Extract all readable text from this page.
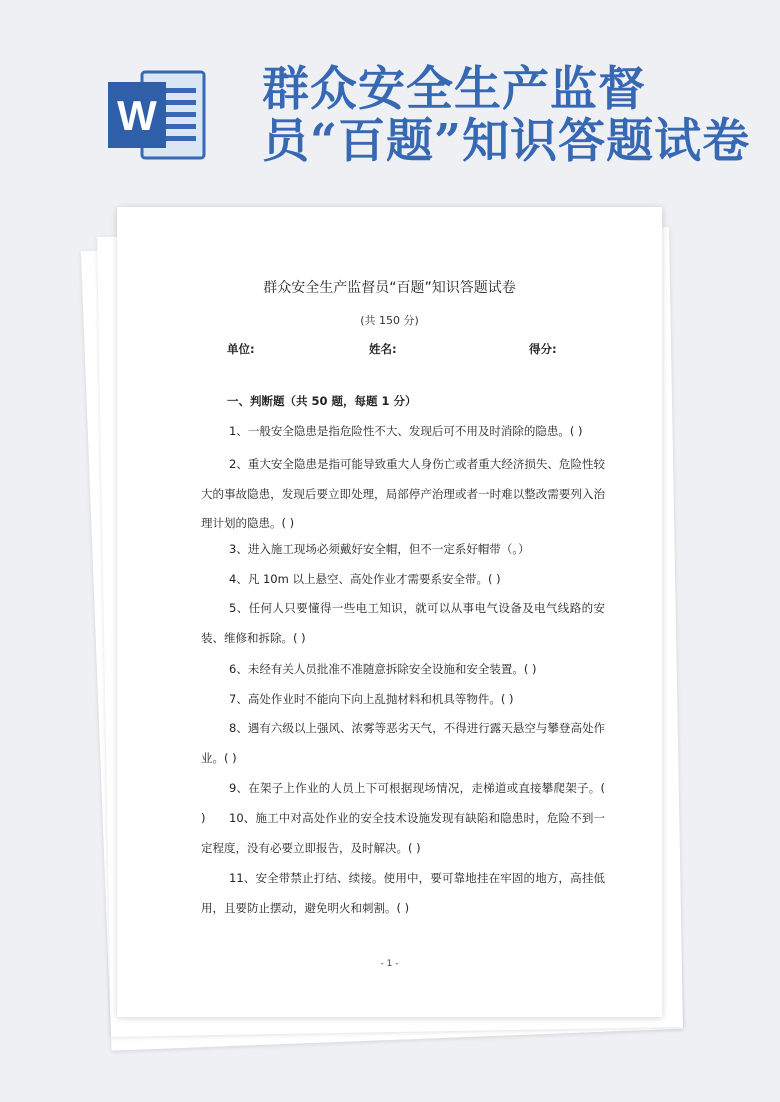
W 群众安全生产监督
员“百题”知识答题试卷
群众安全生产监督员“百题”知识答题试卷
(共 150 分)
单位:	姓名:	得分:
一、判断题（共 50 题，每题 1 分）

1、一般安全隐患是指危险性不大、发现后可不用及时消除的隐患。( )

2、重大安全隐患是指可能导致重大人身伤亡或者重大经济损失、危险性较大的事故隐患，发现后要立即处理，局部停产治理或者一时难以整改需要列入治理计划的隐患。( )

3、进入施工现场必须戴好安全帽，但不一定系好帽带（。）

4、凡 10m 以上悬空、高处作业才需要系安全带。( )

5、任何人只要懂得一些电工知识，就可以从事电气设备及电气线路的安装、维修和拆除。( )

6、未经有关人员批准不准随意拆除安全设施和安全装置。( )

7、高处作业时不能向下向上乱抛材料和机具等物件。( )

8、遇有六级以上强风、浓雾等恶劣天气，不得进行露天悬空与攀登高处作业。( )

9、在架子上作业的人员上下可根据现场情况，走梯道或直接攀爬架子。( )	10、施工中对高处作业的安全技术设施发现有缺陷和隐患时，危险不到一定程度，没有必要立即报告，及时解决。( )

11、安全带禁止打结、续接。使用中，要可靠地挂在牢固的地方，高挂低用，且要防止摆动，避免明火和刺割。( )

- 1 -
